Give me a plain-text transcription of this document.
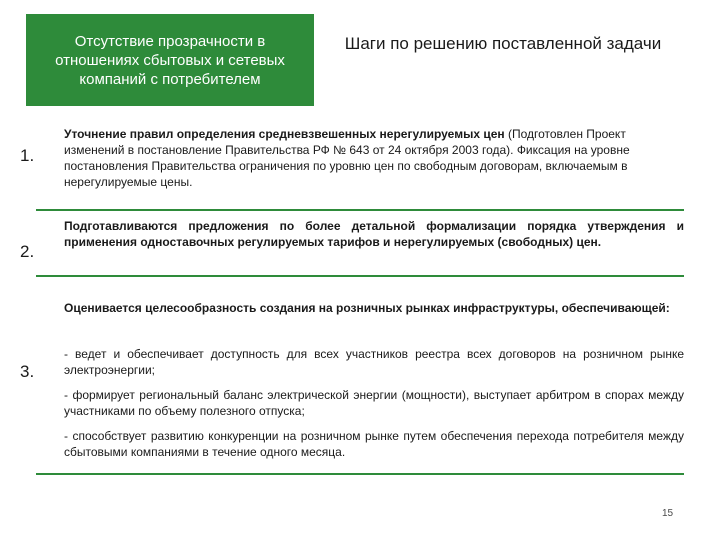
Отсутствие прозрачности в отношениях сбытовых и сетевых компаний с потребителем
Шаги по решению поставленной задачи
1.
Уточнение правил определения средневзвешенных нерегулируемых цен (Подготовлен Проект изменений в постановление Правительства РФ № 643 от 24 октября 2003 года). Фиксация на уровне постановления Правительства ограничения по уровню цен по свободным договорам, включаемым в нерегулируемые цены.
2.
Подготавливаются предложения по более детальной формализации порядка утверждения и применения одноставочных регулируемых тарифов и нерегулируемых (свободных) цен.
3.
Оценивается целесообразность создания на розничных рынках инфраструктуры, обеспечивающей:

- ведет и обеспечивает доступность для всех участников реестра всех договоров на розничном рынке электроэнергии;

- формирует региональный баланс электрической энергии (мощности), выступает арбитром в спорах между участниками по объему полезного отпуска;

- способствует развитию конкуренции на розничном рынке путем обеспечения перехода потребителя между сбытовыми компаниями в течение одного месяца.

15
